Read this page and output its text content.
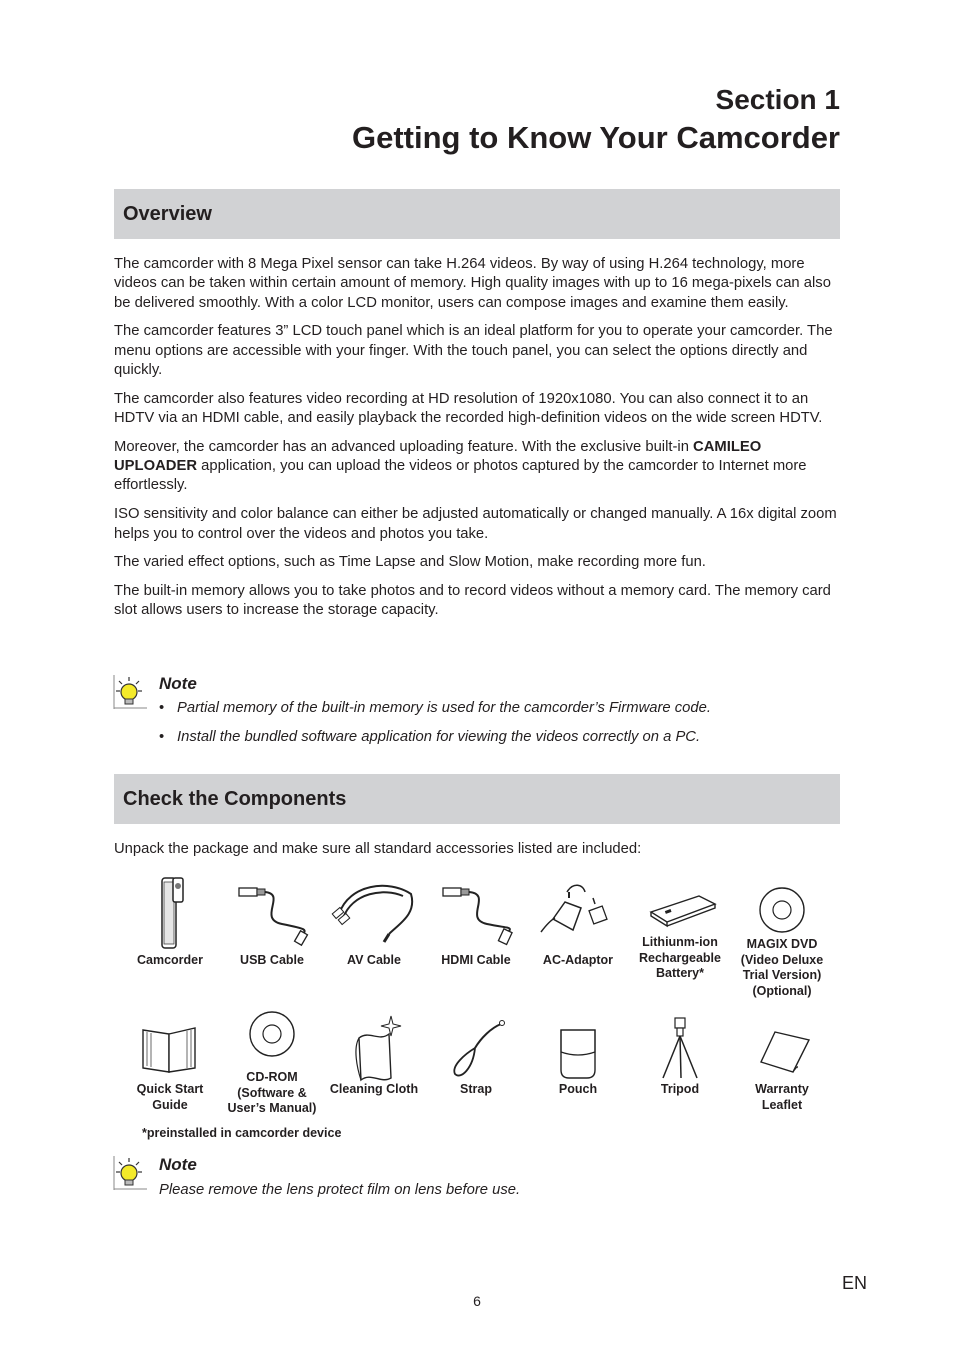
Section 1
Getting to Know Your Camcorder
Overview

The camcorder with 8 Mega Pixel sensor can take H.264 videos. By way of using H.264 technology, more videos can be taken within certain amount of memory. High quality images with up to 16 mega-pixels can also be delivered smoothly. With a color LCD monitor, users can compose images and examine them easily.

The camcorder features 3” LCD touch panel which is an ideal platform for you to operate your camcorder. The menu options are accessible with your finger. With the touch panel, you can select the options directly and quickly.

The camcorder also features video recording at HD resolution of 1920x1080. You can also connect it to an HDTV via an HDMI cable, and easily playback the recorded high-definition videos on the wide screen HDTV.

Moreover, the camcorder has an advanced uploading feature. With the exclusive built-in CAMILEO UPLOADER application, you can upload the videos or photos captured by the camcorder to Internet more effortlessly.

ISO sensitivity and color balance can either be adjusted automatically or changed manually. A 16x digital zoom helps you to control over the videos and photos you take.

The varied effect options, such as Time Lapse and Slow Motion, make recording more fun.

The built-in memory allows you to take photos and to record videos without a memory card. The memory card slot allows users to increase the storage capacity.

Note
• Partial memory of the built-in memory is used for the camcorder’s Firmware code.
• Install the bundled software application for viewing the videos correctly on a PC.
Check the Components
Unpack the package and make sure all standard accessories listed are included:
Camcorder	USB Cable	AV Cable	HDMI Cable	AC-Adaptor
Lithiunm-ion
Rechargeable
Battery*
MAGIX DVD
(Video Deluxe
Trial Version)
(Optional)
Quick Start
Guide
CD-ROM
(Software &
User’s Manual)
Cleaning Cloth	Strap	Pouch	Tripod	Warranty
Leaflet
*preinstalled in camcorder device
Note
Please remove the lens protect film on lens before use.
EN
6
